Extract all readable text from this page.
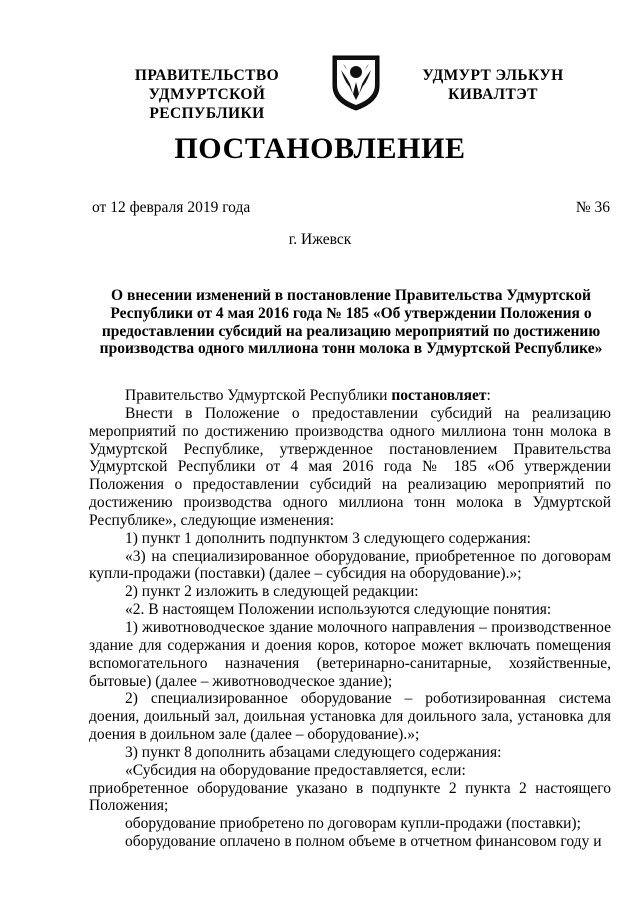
ПРАВИТЕЛЬСТВО УДМУРТСКОЙ РЕСПУБЛИКИ
УДМУРТ ЭЛЬКУН КИВАЛТЭТ
ПОСТАНОВЛЕНИЕ
от 12 февраля 2019 года	№ 36
г. Ижевск
О внесении изменений в постановление Правительства Удмуртской Республики от 4 мая 2016 года № 185 «Об утверждении Положения о предоставлении субсидий на реализацию мероприятий по достижению производства одного миллиона тонн молока в Удмуртской Республике»

Правительство Удмуртской Республики постановляет:

Внести в Положение о предоставлении субсидий на реализацию мероприятий по достижению производства одного миллиона тонн молока в Удмуртской Республике, утвержденное постановлением Правительства Удмуртской Республики от 4 мая 2016 года № 185 «Об утверждении Положения о предоставлении субсидий на реализацию мероприятий по достижению производства одного миллиона тонн молока в Удмуртской Республике», следующие изменения:

1) пункт 1 дополнить подпунктом 3 следующего содержания:

«3) на специализированное оборудование, приобретенное по договорам купли-продажи (поставки) (далее – субсидия на оборудование).»;

2) пункт 2 изложить в следующей редакции:

«2. В настоящем Положении используются следующие понятия:

1) животноводческое здание молочного направления – производственное здание для содержания и доения коров, которое может включать помещения вспомогательного назначения (ветеринарно-санитарные, хозяйственные, бытовые) (далее – животноводческое здание);

2) специализированное оборудование – роботизированная система доения, доильный зал, доильная установка для доильного зала, установка для доения в доильном зале (далее – оборудование).»;

3) пункт 8 дополнить абзацами следующего содержания:

«Субсидия на оборудование предоставляется, если:

приобретенное оборудование указано в подпункте 2 пункта 2 настоящего Положения;

оборудование приобретено по договорам купли-продажи (поставки);

оборудование оплачено в полном объеме в отчетном финансовом году и
